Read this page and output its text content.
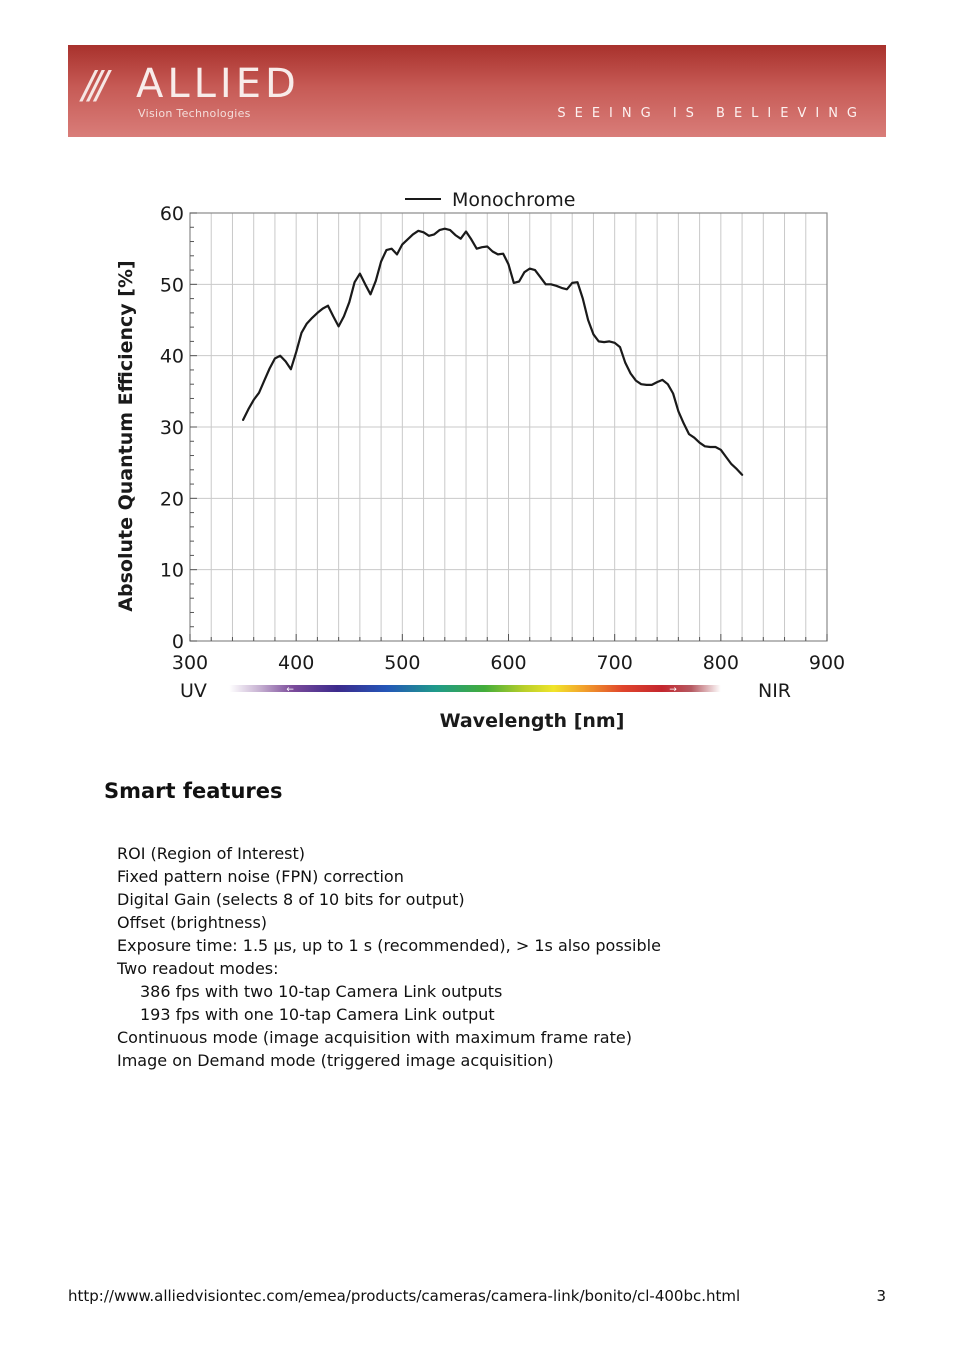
/// ALLIED
Vision Technologies	SEEING IS BELIEVING
0
10
20
30
40
50
60
300	400	500	600	700	800	900
←	→
UV	NIR
Monochrome
Absolute Quantum Efficiency [%]
Wavelength [nm]
Smart features
ROI (Region of Interest)
Fixed pattern noise (FPN) correction
Digital Gain (selects 8 of 10 bits for output)
Offset (brightness)
Exposure time: 1.5 µs, up to 1 s (recommended), > 1s also possible
Two readout modes:
386 fps with two 10-tap Camera Link outputs
193 fps with one 10-tap Camera Link output
Continuous mode (image acquisition with maximum frame rate)
Image on Demand mode (triggered image acquisition)
http://www.alliedvisiontec.com/emea/products/cameras/camera-link/bonito/cl-400bc.html	3
